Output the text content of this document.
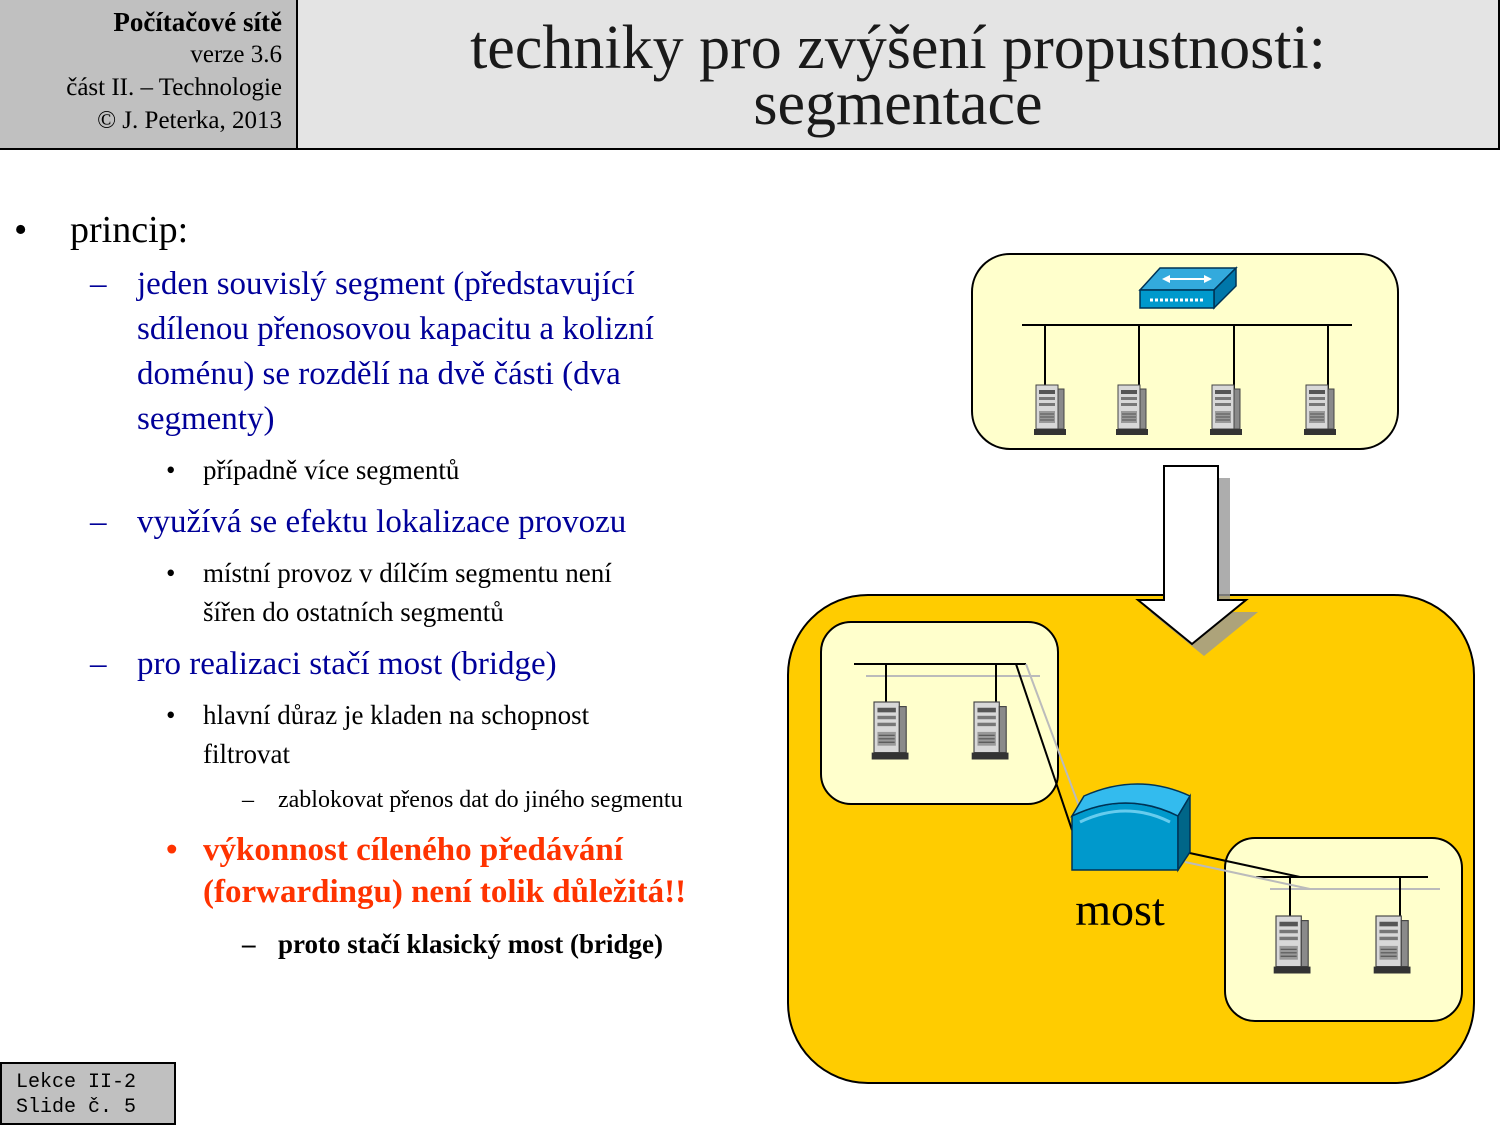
Počítačové sítě
verze 3.6
část II. – Technologie
© J. Peterka, 2013
techniky pro zvýšení propustnosti:
segmentace
• princip:
– jeden souvislý segment (představující
sdílenou přenosovou kapacitu a kolizní
doménu) se rozdělí na dvě části (dva
segmenty)
• případně více segmentů
– využívá se efektu lokalizace provozu
• místní provoz v dílčím segmentu není
šířen do ostatních segmentů
– pro realizaci stačí most (bridge)
• hlavní důraz je kladen na schopnost
filtrovat
– zablokovat přenos dat do jiného segmentu
• výkonnost cíleného předávání
(forwardingu) není tolik důležitá!!
– proto stačí klasický most (bridge)
most
Lekce II-2
Slide č. 5
